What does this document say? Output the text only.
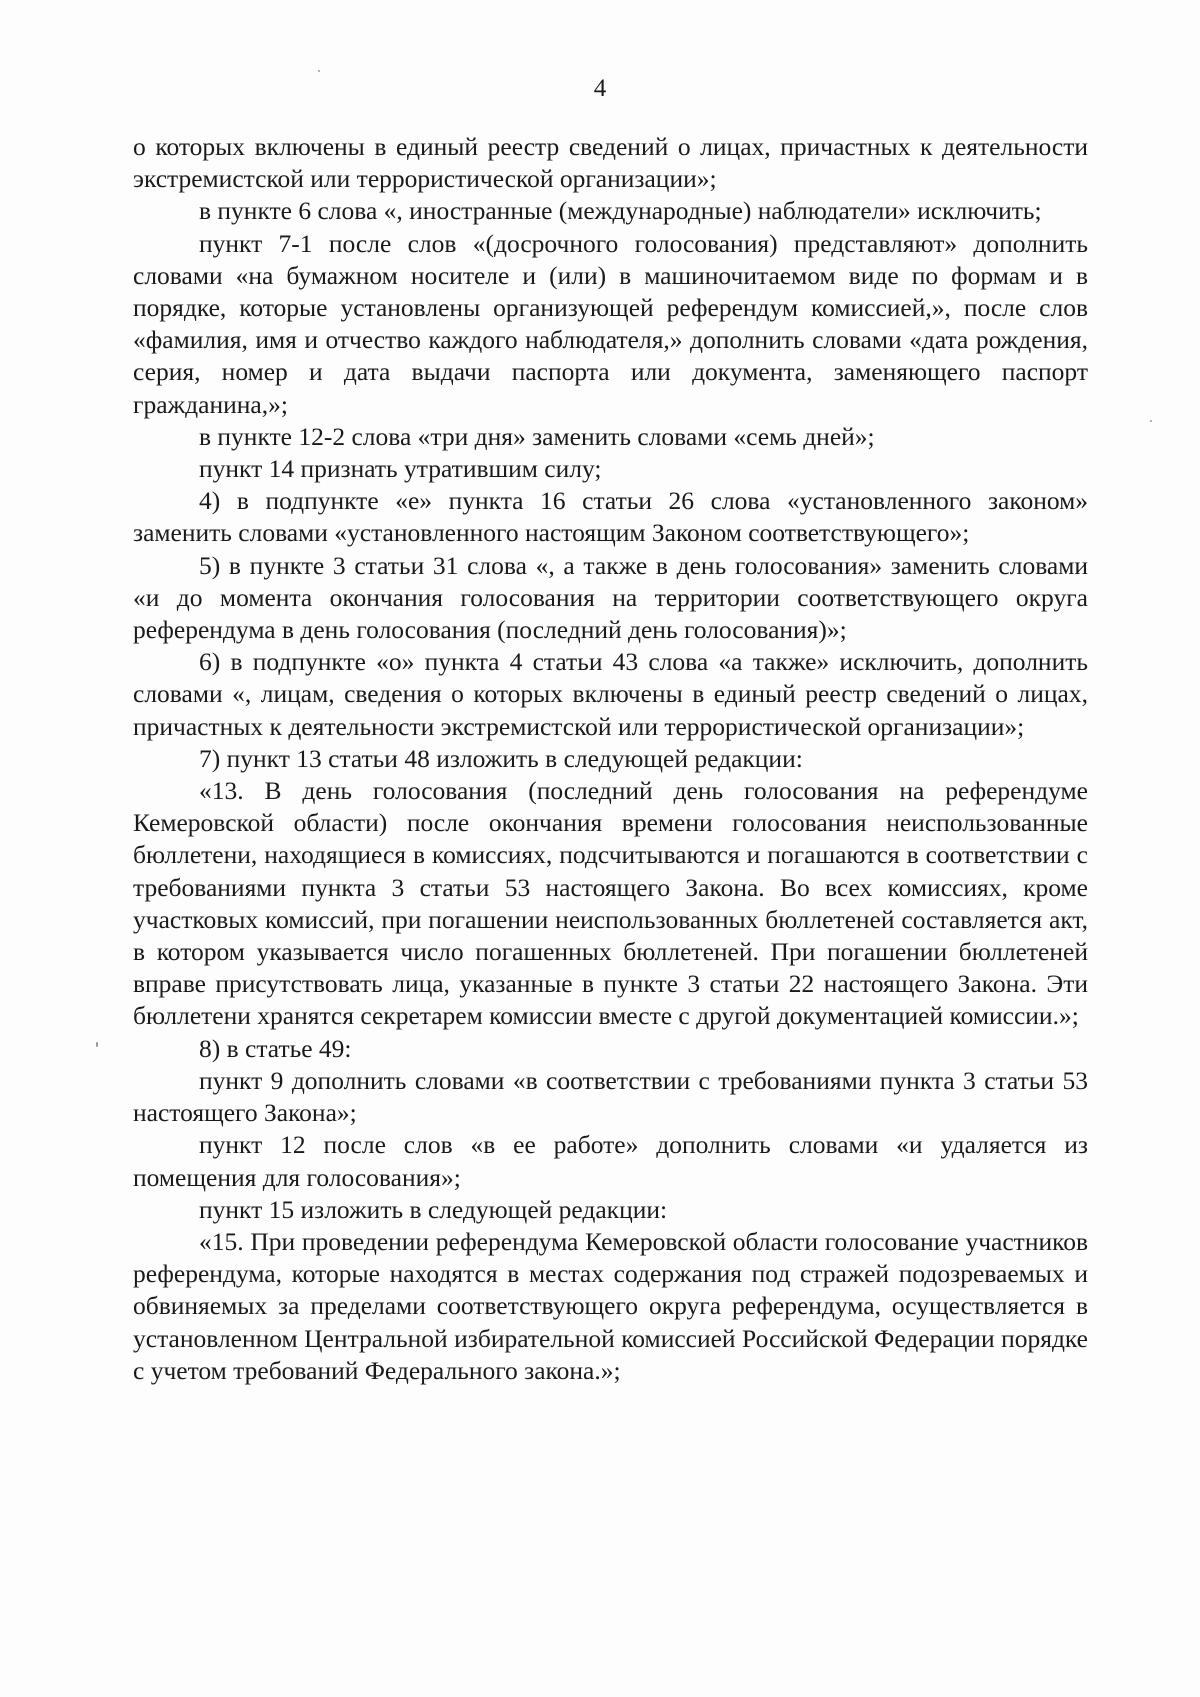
4

о которых включены в единый реестр сведений о лицах, причастных к деятельности экстремистской или террористической организации»;

в пункте 6 слова «, иностранные (международные) наблюдатели» исключить;

пункт 7-1 после слов «(досрочного голосования) представляют» дополнить словами «на бумажном носителе и (или) в машиночитаемом виде по формам и в порядке, которые установлены организующей референдум комиссией,», после слов «фамилия, имя и отчество каждого наблюдателя,» дополнить словами «дата рождения, серия, номер и дата выдачи паспорта или документа, заменяющего паспорт гражданина,»;

в пункте 12-2 слова «три дня» заменить словами «семь дней»;

пункт 14 признать утратившим силу;

4) в подпункте «е» пункта 16 статьи 26 слова «установленного законом» заменить словами «установленного настоящим Законом соответствующего»;

5) в пункте 3 статьи 31 слова «, а также в день голосования» заменить словами «и до момента окончания голосования на территории соответствующего округа референдума в день голосования (последний день голосования)»;

6) в подпункте «о» пункта 4 статьи 43 слова «а также» исключить, дополнить словами «, лицам, сведения о которых включены в единый реестр сведений о лицах, причастных к деятельности экстремистской или террористической организации»;

7) пункт 13 статьи 48 изложить в следующей редакции:

«13. В день голосования (последний день голосования на референдуме Кемеровской области) после окончания времени голосования неиспользованные бюллетени, находящиеся в комиссиях, подсчитываются и погашаются в соответствии с требованиями пункта 3 статьи 53 настоящего Закона. Во всех комиссиях, кроме участковых комиссий, при погашении неиспользованных бюллетеней составляется акт, в котором указывается число погашенных бюллетеней. При погашении бюллетеней вправе присутствовать лица, указанные в пункте 3 статьи 22 настоящего Закона. Эти бюллетени хранятся секретарем комиссии вместе с другой документацией комиссии.»;

8) в статье 49:

пункт 9 дополнить словами «в соответствии с требованиями пункта 3 статьи 53 настоящего Закона»;

пункт 12 после слов «в ее работе» дополнить словами «и удаляется из помещения для голосования»;

пункт 15 изложить в следующей редакции:

«15. При проведении референдума Кемеровской области голосование участников референдума, которые находятся в местах содержания под стражей подозреваемых и обвиняемых за пределами соответствующего округа референдума, осуществляется в установленном Центральной избирательной комиссией Российской Федерации порядке с учетом требований Федерального закона.»;
